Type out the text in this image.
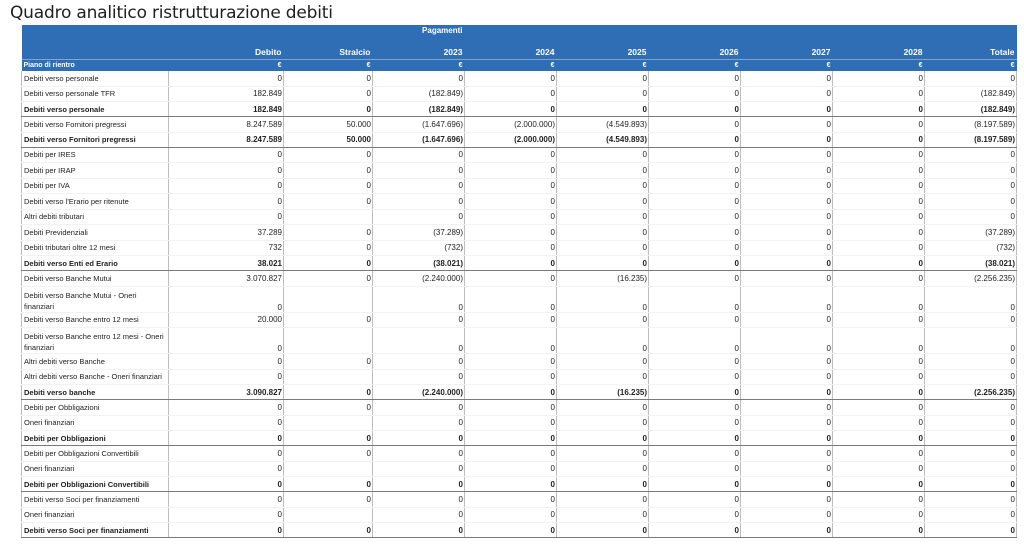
Quadro analitico ristrutturazione debiti
			Pagamenti						
	Debito	Stralcio	2023	2024	2025	2026	2027	2028	Totale
Piano di rientro	€	€	€	€	€	€	€	€	€
Debiti verso personale	0	0	0	0	0	0	0	0	0
Debiti verso personale TFR	182.849	0	(182.849)	0	0	0	0	0	(182.849)
Debiti verso personale	182.849	0	(182.849)	0	0	0	0	0	(182.849)
Debiti verso Fornitori pregressi	8.247.589	50.000	(1.647.696)	(2.000.000)	(4.549.893)	0	0	0	(8.197.589)
Debiti verso Fornitori pregressi	8.247.589	50.000	(1.647.696)	(2.000.000)	(4.549.893)	0	0	0	(8.197.589)
Debiti per IRES	0	0	0	0	0	0	0	0	0
Debiti per IRAP	0	0	0	0	0	0	0	0	0
Debiti per IVA	0	0	0	0	0	0	0	0	0
Debiti verso l'Erario per ritenute	0	0	0	0	0	0	0	0	0
Altri debiti tributari	0		0	0	0	0	0	0	0
Debiti Previdenziali	37.289	0	(37.289)	0	0	0	0	0	(37.289)
Debiti tributari oltre 12 mesi	732	0	(732)	0	0	0	0	0	(732)
Debiti verso Enti ed Erario	38.021	0	(38.021)	0	0	0	0	0	(38.021)
Debiti verso Banche Mutui	3.070.827	0	(2.240.000)	0	(16.235)	0	0	0	(2.256.235)
Debiti verso Banche Mutui - Oneri finanziari	0		0	0	0	0	0	0	0
Debiti verso Banche entro 12 mesi	20.000	0	0	0	0	0	0	0	0
Debiti verso Banche entro 12 mesi - Oneri finanziari	0		0	0	0	0	0	0	0
Altri debiti verso Banche	0	0	0	0	0	0	0	0	0
Altri debiti verso Banche - Oneri finanziari	0		0	0	0	0	0	0	0
Debiti verso banche	3.090.827	0	(2.240.000)	0	(16.235)	0	0	0	(2.256.235)
Debiti per Obbligazioni	0	0	0	0	0	0	0	0	0
Oneri finanziari	0		0	0	0	0	0	0	0
Debiti per Obbligazioni	0	0	0	0	0	0	0	0	0
Debiti per Obbligazioni Convertibili	0	0	0	0	0	0	0	0	0
Oneri finanziari	0		0	0	0	0	0	0	0
Debiti per Obbligazioni Convertibili	0	0	0	0	0	0	0	0	0
Debiti verso Soci per finanziamenti	0	0	0	0	0	0	0	0	0
Oneri finanziari	0		0	0	0	0	0	0	0
Debiti verso Soci per finanziamenti	0	0	0	0	0	0	0	0	0
